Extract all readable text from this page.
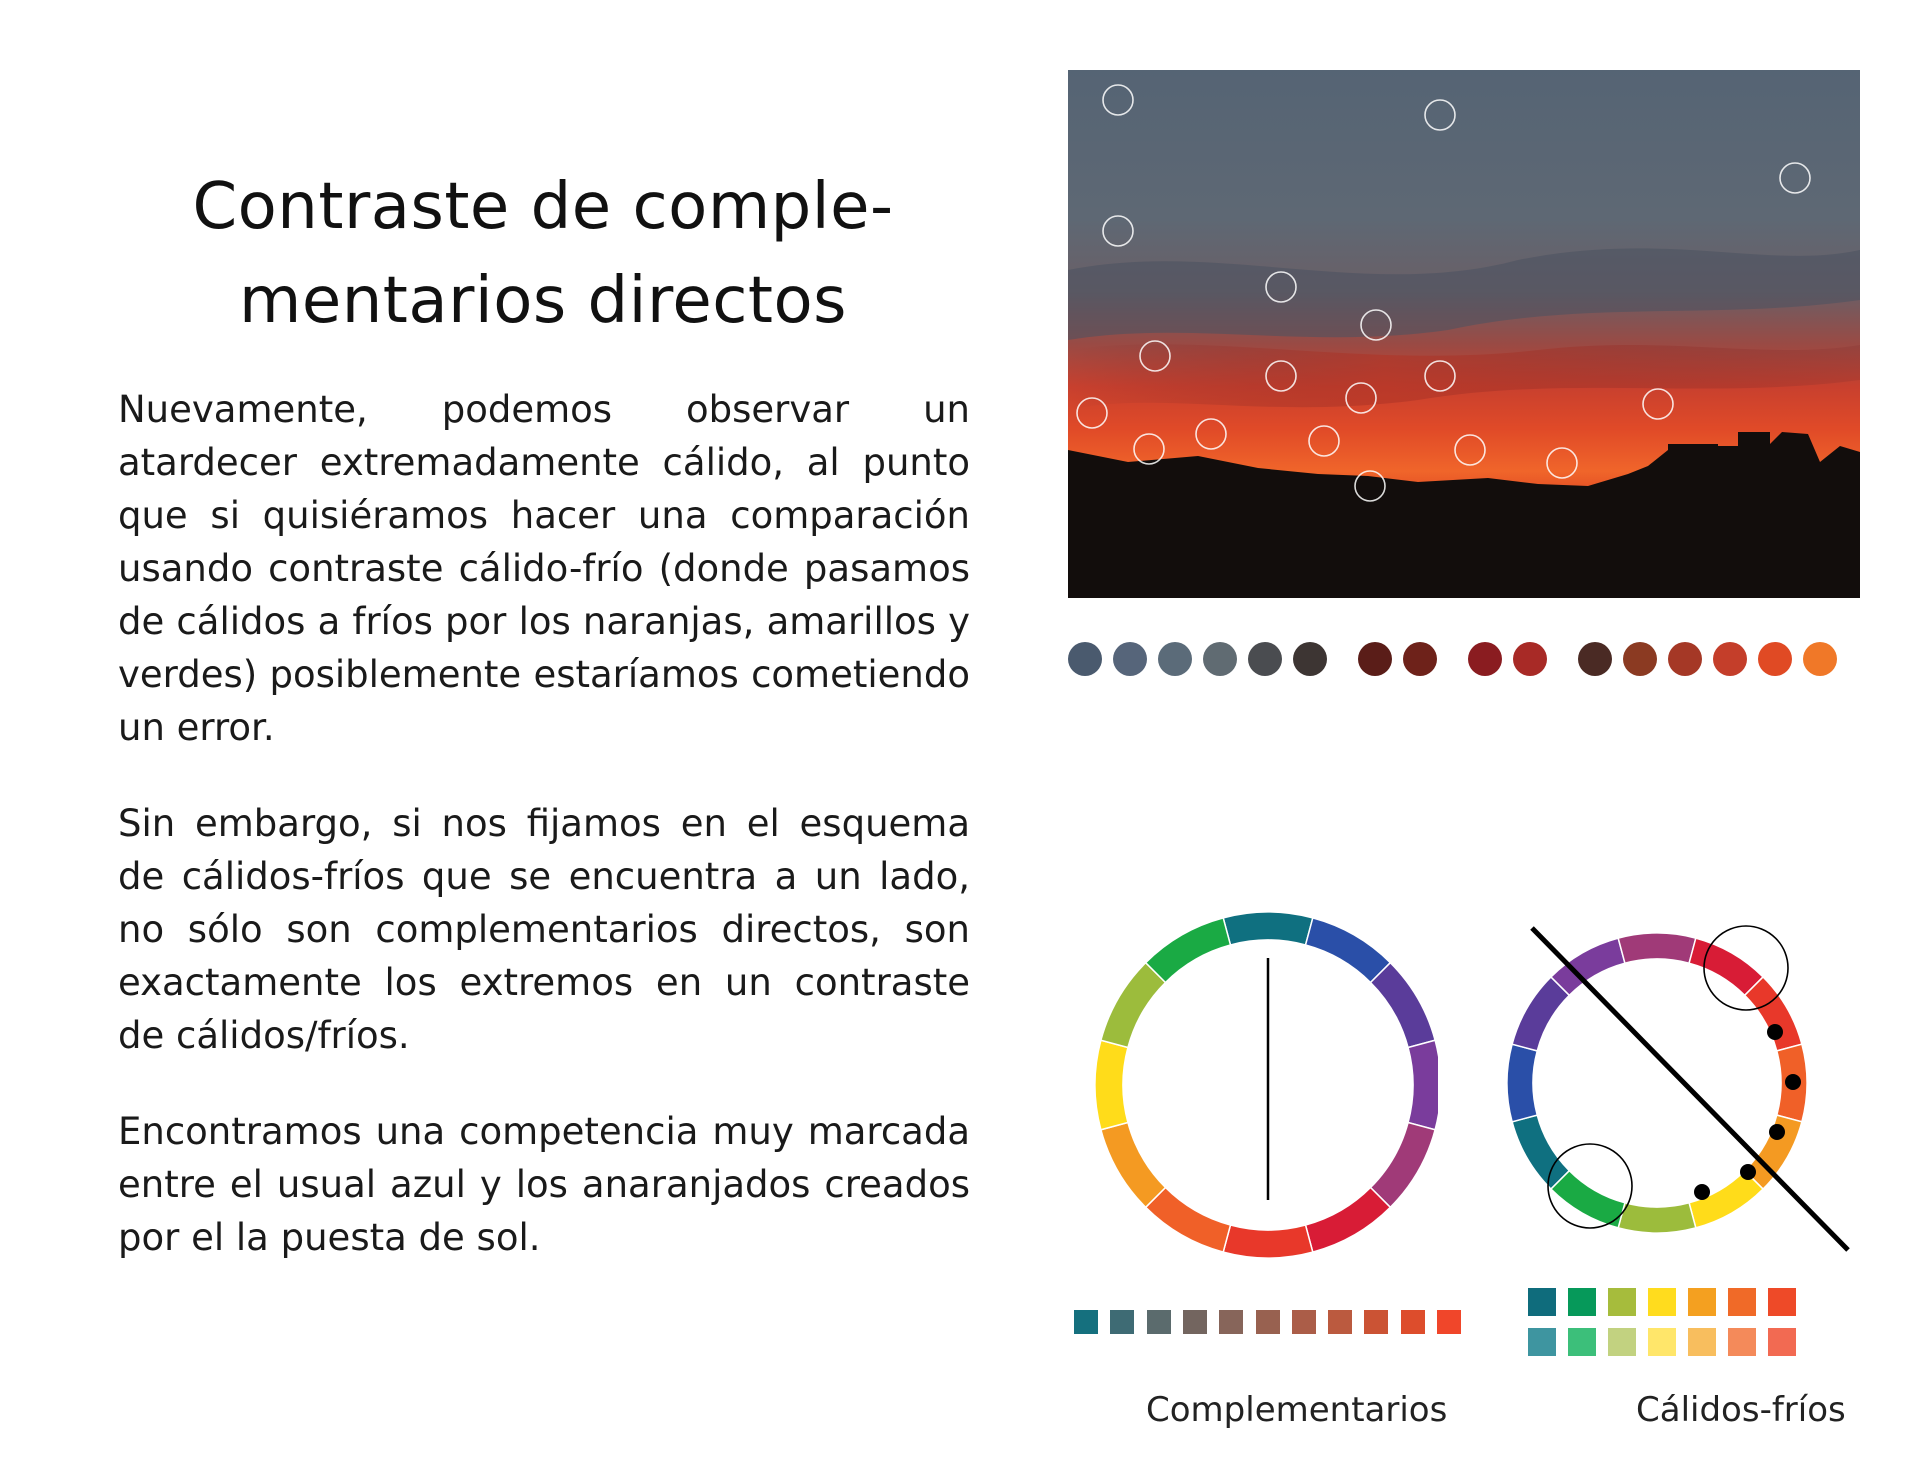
Contraste de comple-
mentarios directos

Nuevamente, podemos observar un atardecer extremadamente cálido, al punto que si quisiéramos hacer una comparación usando contraste cálido-frío (donde pasamos de cálidos a fríos por los naranjas, amarillos y verdes) posiblemente estaríamos cometiendo un error.

Sin embargo, si nos fijamos en el esquema de cálidos-fríos que se encuentra a un lado, no sólo son complementarios directos, son exactamente los extremos en un contraste de cálidos/fríos.

Encontramos una competencia muy marcada entre el usual azul y los anaranjados creados por el la puesta de sol.

Complementarios	Cálidos-fríos
